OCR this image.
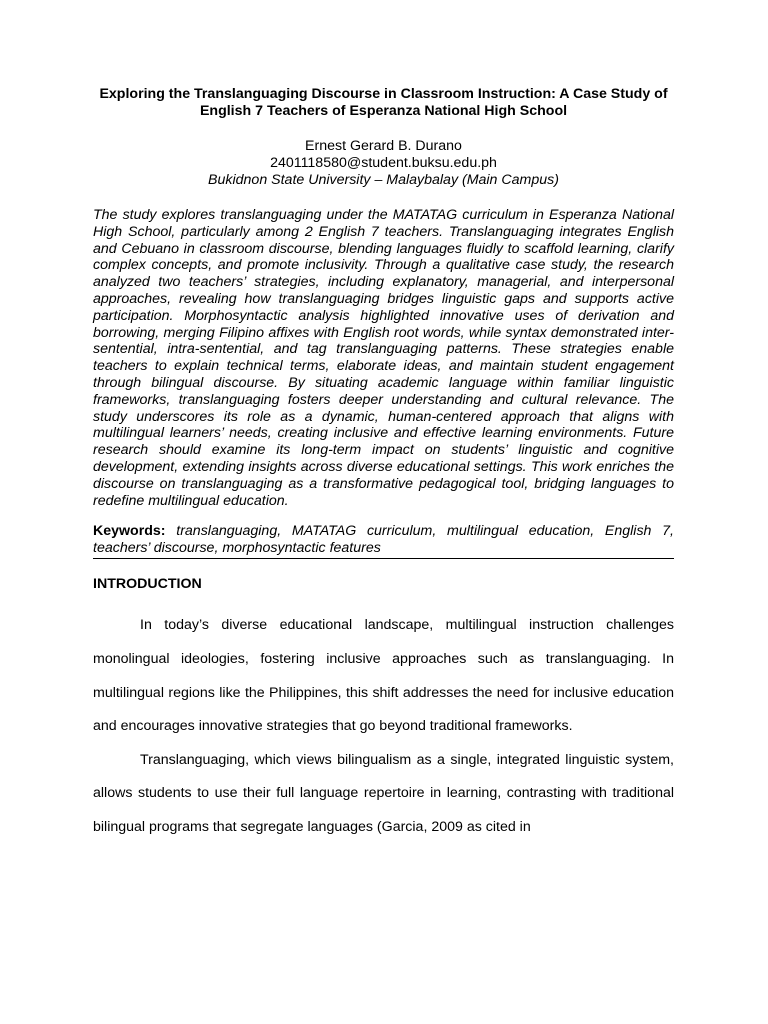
Exploring the Translanguaging Discourse in Classroom Instruction: A Case Study of English 7 Teachers of Esperanza National High School
Ernest Gerard B. Durano
2401118580@student.buksu.edu.ph
Bukidnon State University – Malaybalay (Main Campus)
The study explores translanguaging under the MATATAG curriculum in Esperanza National High School, particularly among 2 English 7 teachers. Translanguaging integrates English and Cebuano in classroom discourse, blending languages fluidly to scaffold learning, clarify complex concepts, and promote inclusivity. Through a qualitative case study, the research analyzed two teachers’ strategies, including explanatory, managerial, and interpersonal approaches, revealing how translanguaging bridges linguistic gaps and supports active participation. Morphosyntactic analysis highlighted innovative uses of derivation and borrowing, merging Filipino affixes with English root words, while syntax demonstrated inter-sentential, intra-sentential, and tag translanguaging patterns. These strategies enable teachers to explain technical terms, elaborate ideas, and maintain student engagement through bilingual discourse. By situating academic language within familiar linguistic frameworks, translanguaging fosters deeper understanding and cultural relevance. The study underscores its role as a dynamic, human-centered approach that aligns with multilingual learners’ needs, creating inclusive and effective learning environments. Future research should examine its long-term impact on students’ linguistic and cognitive development, extending insights across diverse educational settings. This work enriches the discourse on translanguaging as a transformative pedagogical tool, bridging languages to redefine multilingual education.
Keywords: translanguaging, MATATAG curriculum, multilingual education, English 7, teachers’ discourse, morphosyntactic features
INTRODUCTION

In today’s diverse educational landscape, multilingual instruction challenges monolingual ideologies, fostering inclusive approaches such as translanguaging. In multilingual regions like the Philippines, this shift addresses the need for inclusive education and encourages innovative strategies that go beyond traditional frameworks.

Translanguaging, which views bilingualism as a single, integrated linguistic system, allows students to use their full language repertoire in learning, contrasting with traditional bilingual programs that segregate languages (Garcia, 2009 as cited in
